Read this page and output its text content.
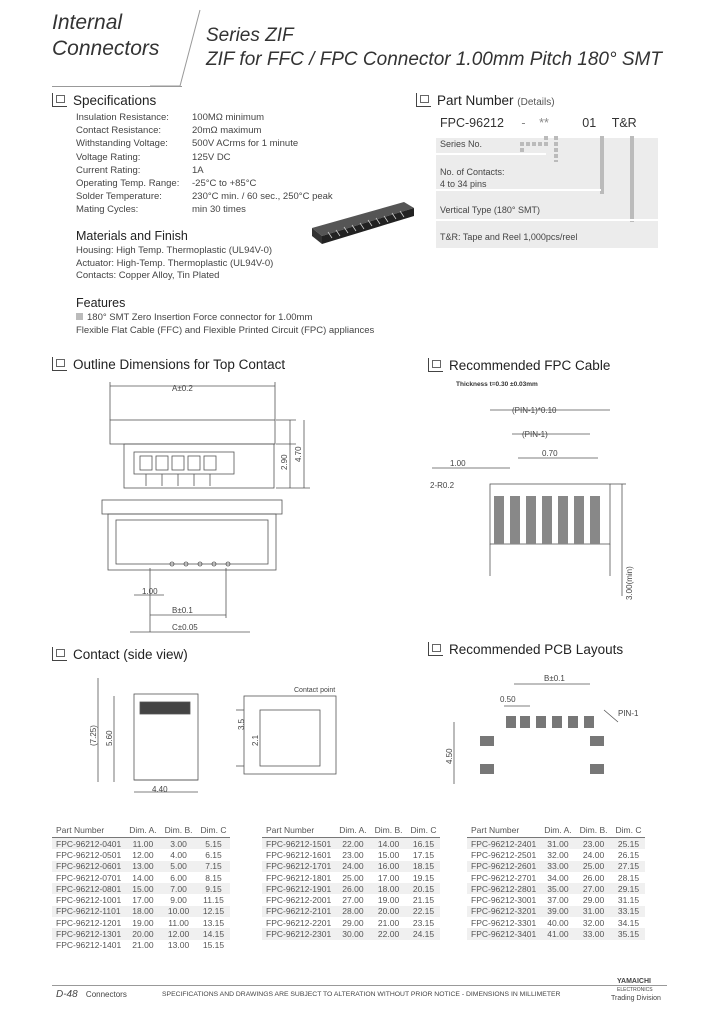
Internal
Connectors
Series ZIF
ZIF for FFC / FPC Connector 1.00mm Pitch 180° SMT
Specifications
Insulation Resistance:	100MΩ minimum
Contact Resistance:	20mΩ maximum
Withstanding Voltage:	500V ACrms for 1 minute
Voltage Rating:	125V DC
Current Rating:	1A
Operating Temp. Range:	-25°C to +85°C
Solder Temperature:	230°C min. / 60 sec., 250°C peak
Mating Cycles:	min 30 times
Materials and Finish
Housing: High Temp. Thermoplastic (UL94V-0)
Actuator: High-Temp. Thermoplastic (UL94V-0)
Contacts: Copper Alloy, Tin Plated
Features
180° SMT Zero Insertion Force connector for 1.00mm
Flexible Flat Cable (FFC) and Flexible Printed Circuit (FPC) appliances
Part Number (Details)
FPC-96212 - **	01 T&R
Series No.
No. of Contacts:
4 to 34 pins
Vertical Type (180° SMT)
T&R: Tape and Reel 1,000pcs/reel
Outline Dimensions for Top Contact
A±0.2
2.90
4.70
1.00
B±0.1
C±0.05
Recommended FPC Cable
Thickness t=0.30 ±0.03mm
(PIN-1)*0.10
(PIN-1)
0.70
1.00
2-R0.2
3.00(min)
Contact (side view)
(7.25) 5.60
4.40
3.5
2.1
Contact point
Recommended PCB Layouts
B±0.1
0.50
PIN-1
4.50
Part Number	Dim. A.	Dim. B.	Dim. C
FPC-96212-0401	11.00	3.00	5.15
FPC-96212-0501	12.00	4.00	6.15
FPC-96212-0601	13.00	5.00	7.15
FPC-96212-0701	14.00	6.00	8.15
FPC-96212-0801	15.00	7.00	9.15
FPC-96212-1001	17.00	9.00	11.15
FPC-96212-1101	18.00	10.00	12.15
FPC-96212-1201	19.00	11.00	13.15
FPC-96212-1301	20.00	12.00	14.15
FPC-96212-1401	21.00	13.00	15.15
Part Number	Dim. A.	Dim. B.	Dim. C
FPC-96212-1501	22.00	14.00	16.15
FPC-96212-1601	23.00	15.00	17.15
FPC-96212-1701	24.00	16.00	18.15
FPC-96212-1801	25.00	17.00	19.15
FPC-96212-1901	26.00	18.00	20.15
FPC-96212-2001	27.00	19.00	21.15
FPC-96212-2101	28.00	20.00	22.15
FPC-96212-2201	29.00	21.00	23.15
FPC-96212-2301	30.00	22.00	24.15
Part Number	Dim. A.	Dim. B.	Dim. C
FPC-96212-2401	31.00	23.00	25.15
FPC-96212-2501	32.00	24.00	26.15
FPC-96212-2601	33.00	25.00	27.15
FPC-96212-2701	34.00	26.00	28.15
FPC-96212-2801	35.00	27.00	29.15
FPC-96212-3001	37.00	29.00	31.15
FPC-96212-3201	39.00	31.00	33.15
FPC-96212-3301	40.00	32.00	34.15
FPC-96212-3401	41.00	33.00	35.15
D-48 Connectors	SPECIFICATIONS AND DRAWINGS ARE SUBJECT TO ALTERATION WITHOUT PRIOR NOTICE - DIMENSIONS IN MILLIMETER
YAMAICHI
ELECTRONICS
Trading Division
